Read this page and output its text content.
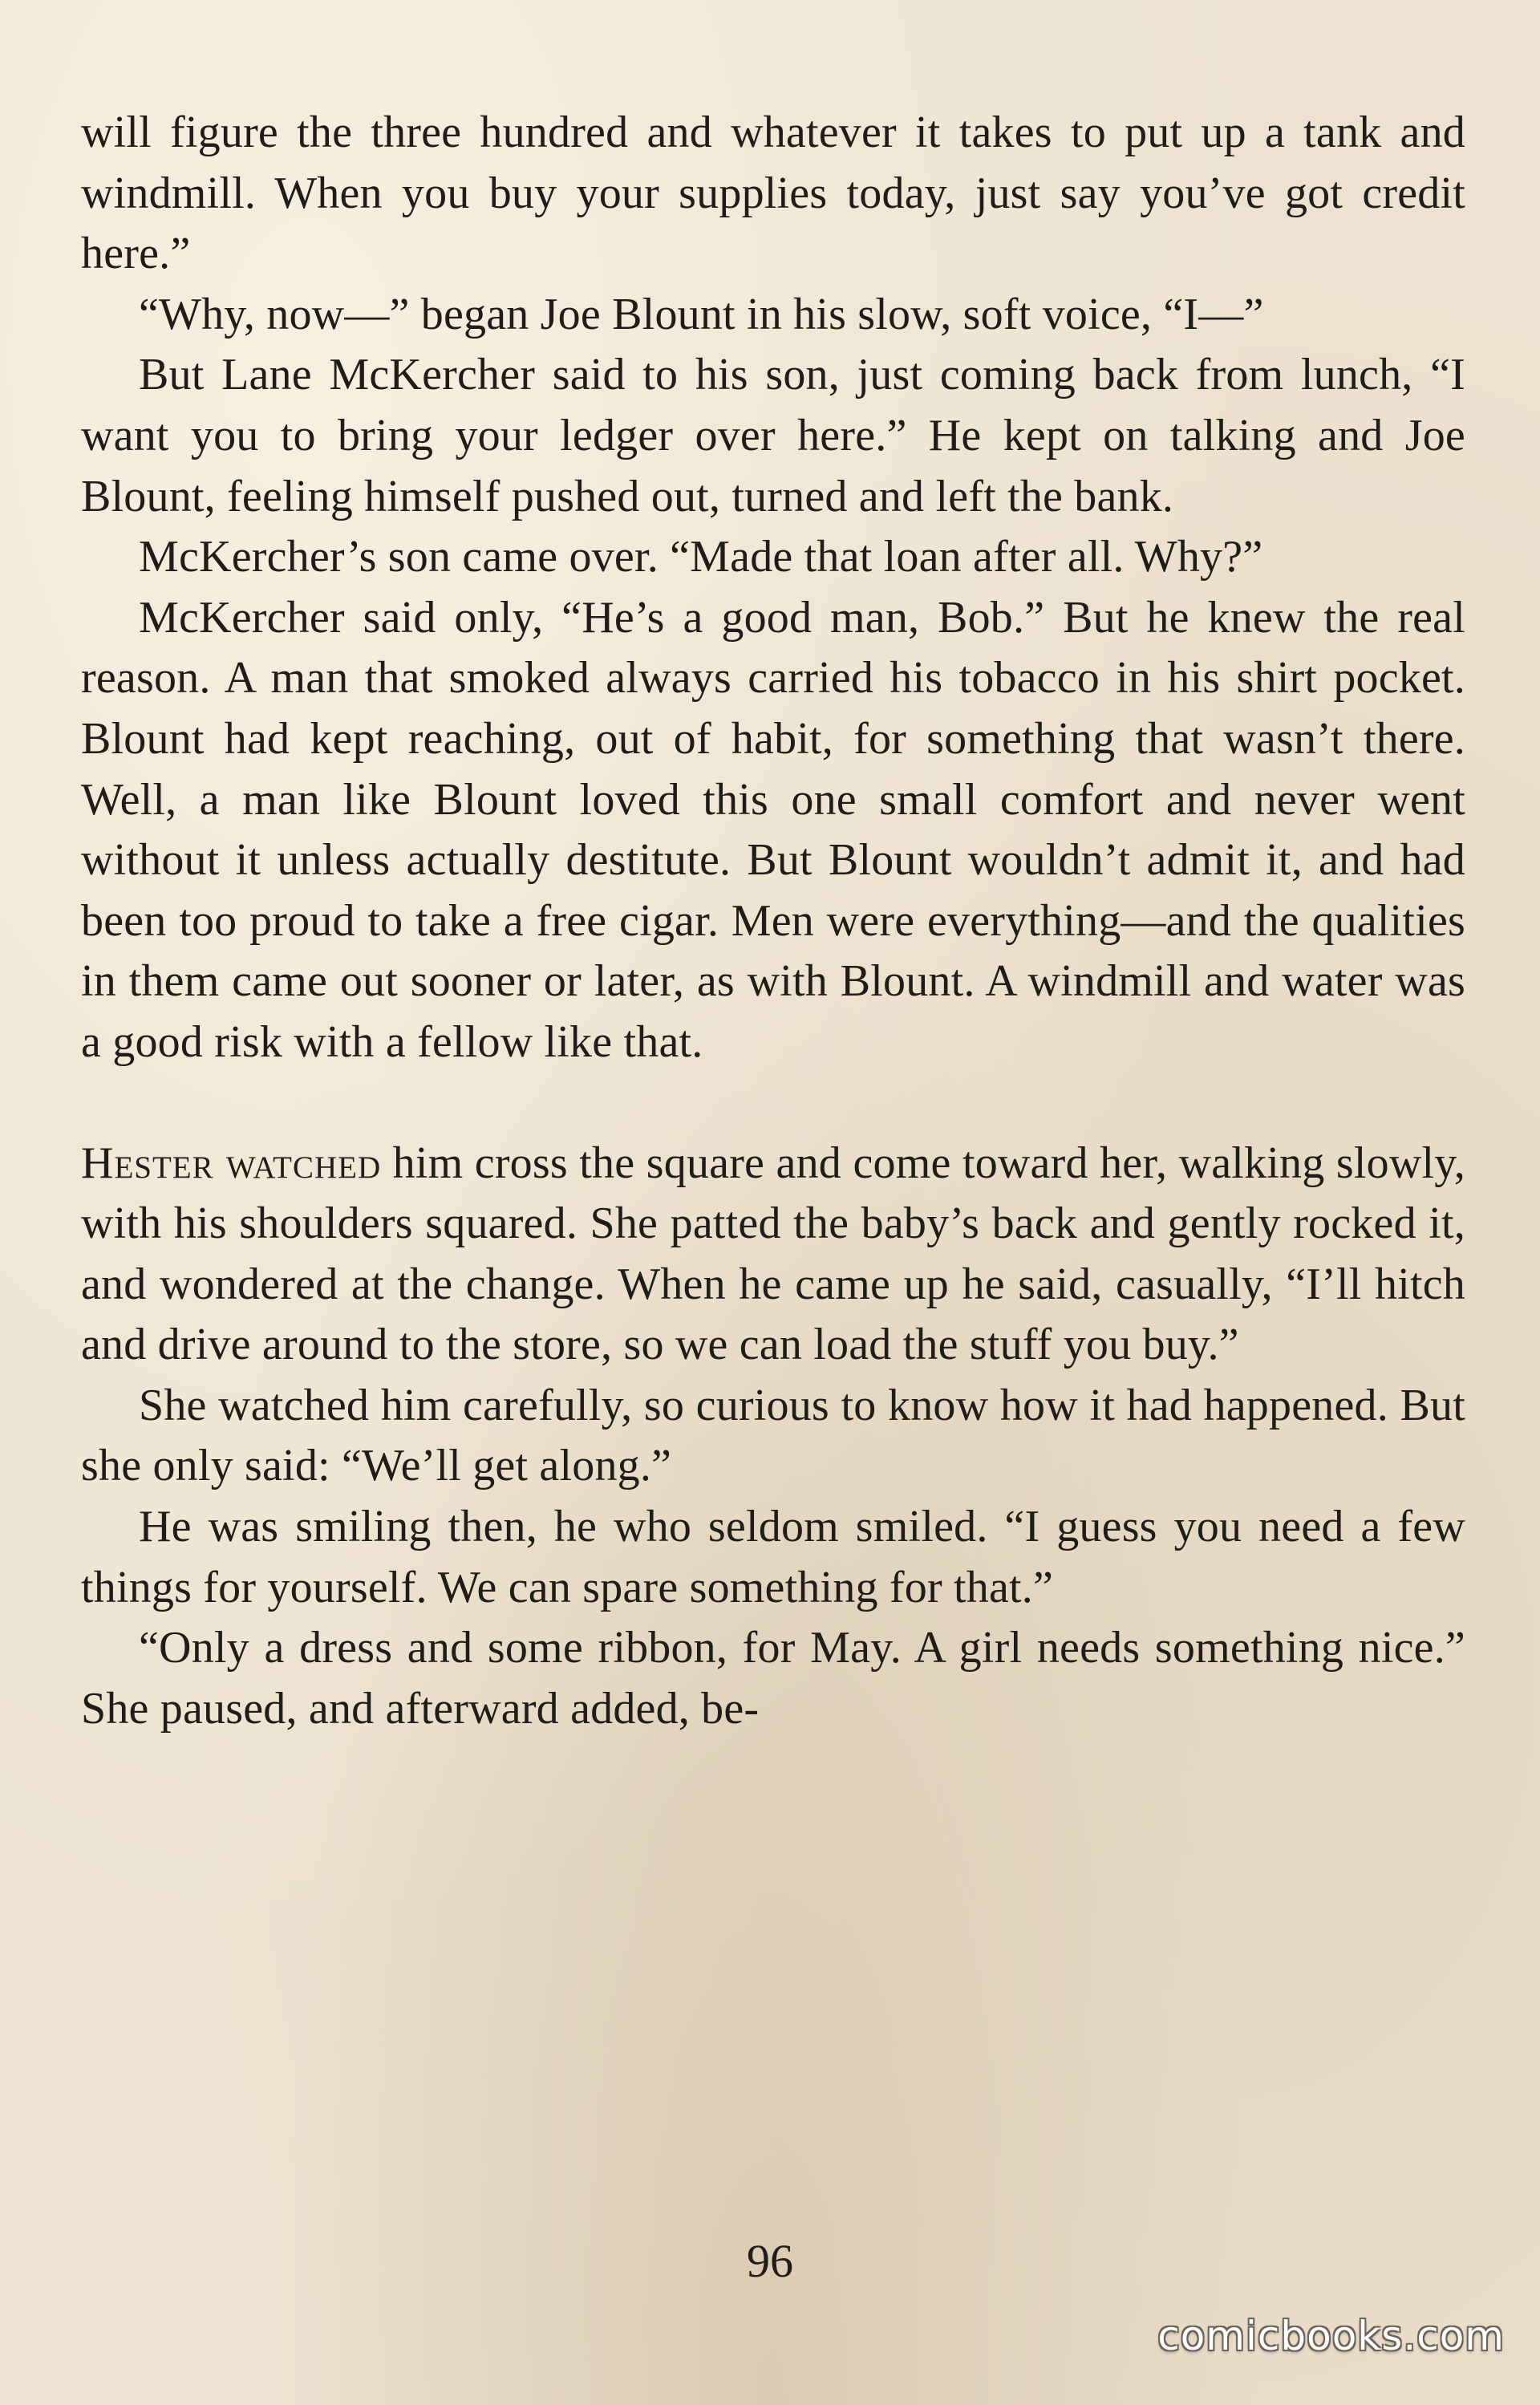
will figure the three hundred and whatever it takes to put up a tank and windmill. When you buy your supplies today, just say you’ve got credit here.”

“Why, now—” began Joe Blount in his slow, soft voice, “I—”

But Lane McKercher said to his son, just coming back from lunch, “I want you to bring your ledger over here.” He kept on talking and Joe Blount, feeling himself pushed out, turned and left the bank.

McKercher’s son came over. “Made that loan after all. Why?”

McKercher said only, “He’s a good man, Bob.” But he knew the real reason. A man that smoked always carried his tobacco in his shirt pocket. Blount had kept reaching, out of habit, for something that wasn’t there. Well, a man like Blount loved this one small comfort and never went without it unless actually destitute. But Blount wouldn’t admit it, and had been too proud to take a free cigar. Men were everything—and the qualities in them came out sooner or later, as with Blount. A windmill and water was a good risk with a fellow like that.

Hester watched him cross the square and come toward her, walking slowly, with his shoulders squared. She patted the baby’s back and gently rocked it, and wondered at the change. When he came up he said, casually, “I’ll hitch and drive around to the store, so we can load the stuff you buy.”

She watched him carefully, so curious to know how it had happened. But she only said: “We’ll get along.”

He was smiling then, he who seldom smiled. “I guess you need a few things for yourself. We can spare something for that.”

“Only a dress and some ribbon, for May. A girl needs something nice.” She paused, and afterward added, be-

96
comicbooks.com
